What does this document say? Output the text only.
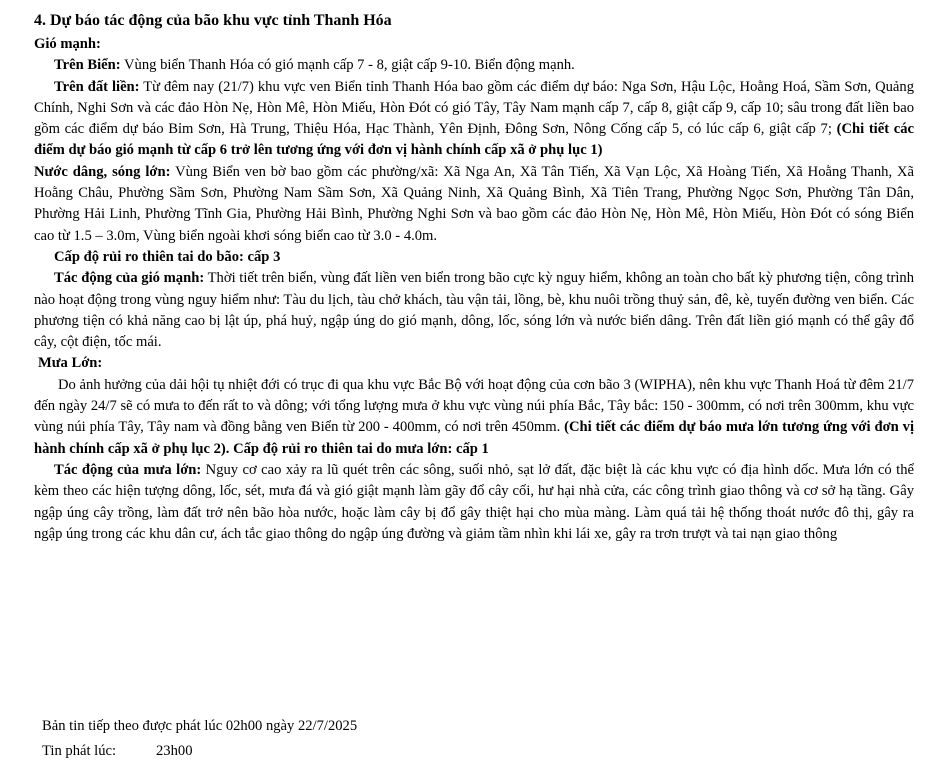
4. Dự báo tác động của bão khu vực tỉnh Thanh Hóa

Gió mạnh:

Trên Biển: Vùng biển Thanh Hóa có gió mạnh cấp 7 - 8, giật cấp 9-10. Biển động mạnh.

Trên đất liền: Từ đêm nay (21/7) khu vực ven Biển tỉnh Thanh Hóa bao gồm các điểm dự báo: Nga Sơn, Hậu Lộc, Hoằng Hoá, Sầm Sơn, Quảng Chính, Nghi Sơn và các đảo Hòn Nẹ, Hòn Mê, Hòn Miếu, Hòn Đót có gió Tây, Tây Nam mạnh cấp 7, cấp 8, giật cấp 9, cấp 10; sâu trong đất liền bao gồm các điểm dự báo Bỉm Sơn, Hà Trung, Thiệu Hóa, Hạc Thành, Yên Định, Đông Sơn, Nông Cống cấp 5, có lúc cấp 6, giật cấp 7; (Chi tiết các điểm dự báo gió mạnh từ cấp 6 trở lên tương ứng với đơn vị hành chính cấp xã ở phụ lục 1)

Nước dâng, sóng lớn: Vùng Biển ven bờ bao gồm các phường/xã: Xã Nga An, Xã Tân Tiến, Xã Vạn Lộc, Xã Hoàng Tiến, Xã Hoằng Thanh, Xã Hoằng Châu, Phường Sầm Sơn, Phường Nam Sầm Sơn, Xã Quảng Ninh, Xã Quảng Bình, Xã Tiên Trang, Phường Ngọc Sơn, Phường Tân Dân, Phường Hải Linh, Phường Tĩnh Gia, Phường Hải Bình, Phường Nghi Sơn và bao gồm các đảo Hòn Nẹ, Hòn Mê, Hòn Miếu, Hòn Đót có sóng Biển cao từ 1.5 – 3.0m, Vùng biển ngoài khơi sóng biển cao từ 3.0 - 4.0m.

Cấp độ rủi ro thiên tai do bão: cấp 3

Tác động của gió mạnh: Thời tiết trên biển, vùng đất liền ven biển trong bão cực kỳ nguy hiểm, không an toàn cho bất kỳ phương tiện, công trình nào hoạt động trong vùng nguy hiểm như: Tàu du lịch, tàu chở khách, tàu vận tải, lồng, bè, khu nuôi trồng thuỷ sản, đê, kè, tuyến đường ven biển. Các phương tiện có khả năng cao bị lật úp, phá huỷ, ngập úng do gió mạnh, dông, lốc, sóng lớn và nước biển dâng. Trên đất liền gió mạnh có thể gây đổ cây, cột điện, tốc mái.

Mưa Lớn:

Do ảnh hưởng của dải hội tụ nhiệt đới có trục đi qua khu vực Bắc Bộ với hoạt động của cơn bão 3 (WIPHA), nên khu vực Thanh Hoá từ đêm 21/7 đến ngày 24/7 sẽ có mưa to đến rất to và dông; với tổng lượng mưa ở khu vực vùng núi phía Bắc, Tây bắc: 150 - 300mm, có nơi trên 300mm, khu vực vùng núi phía Tây, Tây nam và đồng bằng ven Biển từ 200 - 400mm, có nơi trên 450mm. (Chi tiết các điểm dự báo mưa lớn tương ứng với đơn vị hành chính cấp xã ở phụ lục 2). Cấp độ rủi ro thiên tai do mưa lớn: cấp 1

Tác động của mưa lớn: Nguy cơ cao xảy ra lũ quét trên các sông, suối nhỏ, sạt lở đất, đặc biệt là các khu vực có địa hình dốc. Mưa lớn có thể kèm theo các hiện tượng dông, lốc, sét, mưa đá và gió giật mạnh làm gãy đổ cây cối, hư hại nhà cửa, các công trình giao thông và cơ sở hạ tầng. Gây ngập úng cây trồng, làm đất trở nên bão hòa nước, hoặc làm cây bị đổ gây thiệt hại cho mùa màng. Làm quá tải hệ thống thoát nước đô thị, gây ra ngập úng trong các khu dân cư, ách tắc giao thông do ngập úng đường và giảm tầm nhìn khi lái xe, gây ra trơn trượt và tai nạn giao thông

Bản tin tiếp theo được phát lúc 02h00 ngày 22/7/2025
Tin phát lúc:	23h00
